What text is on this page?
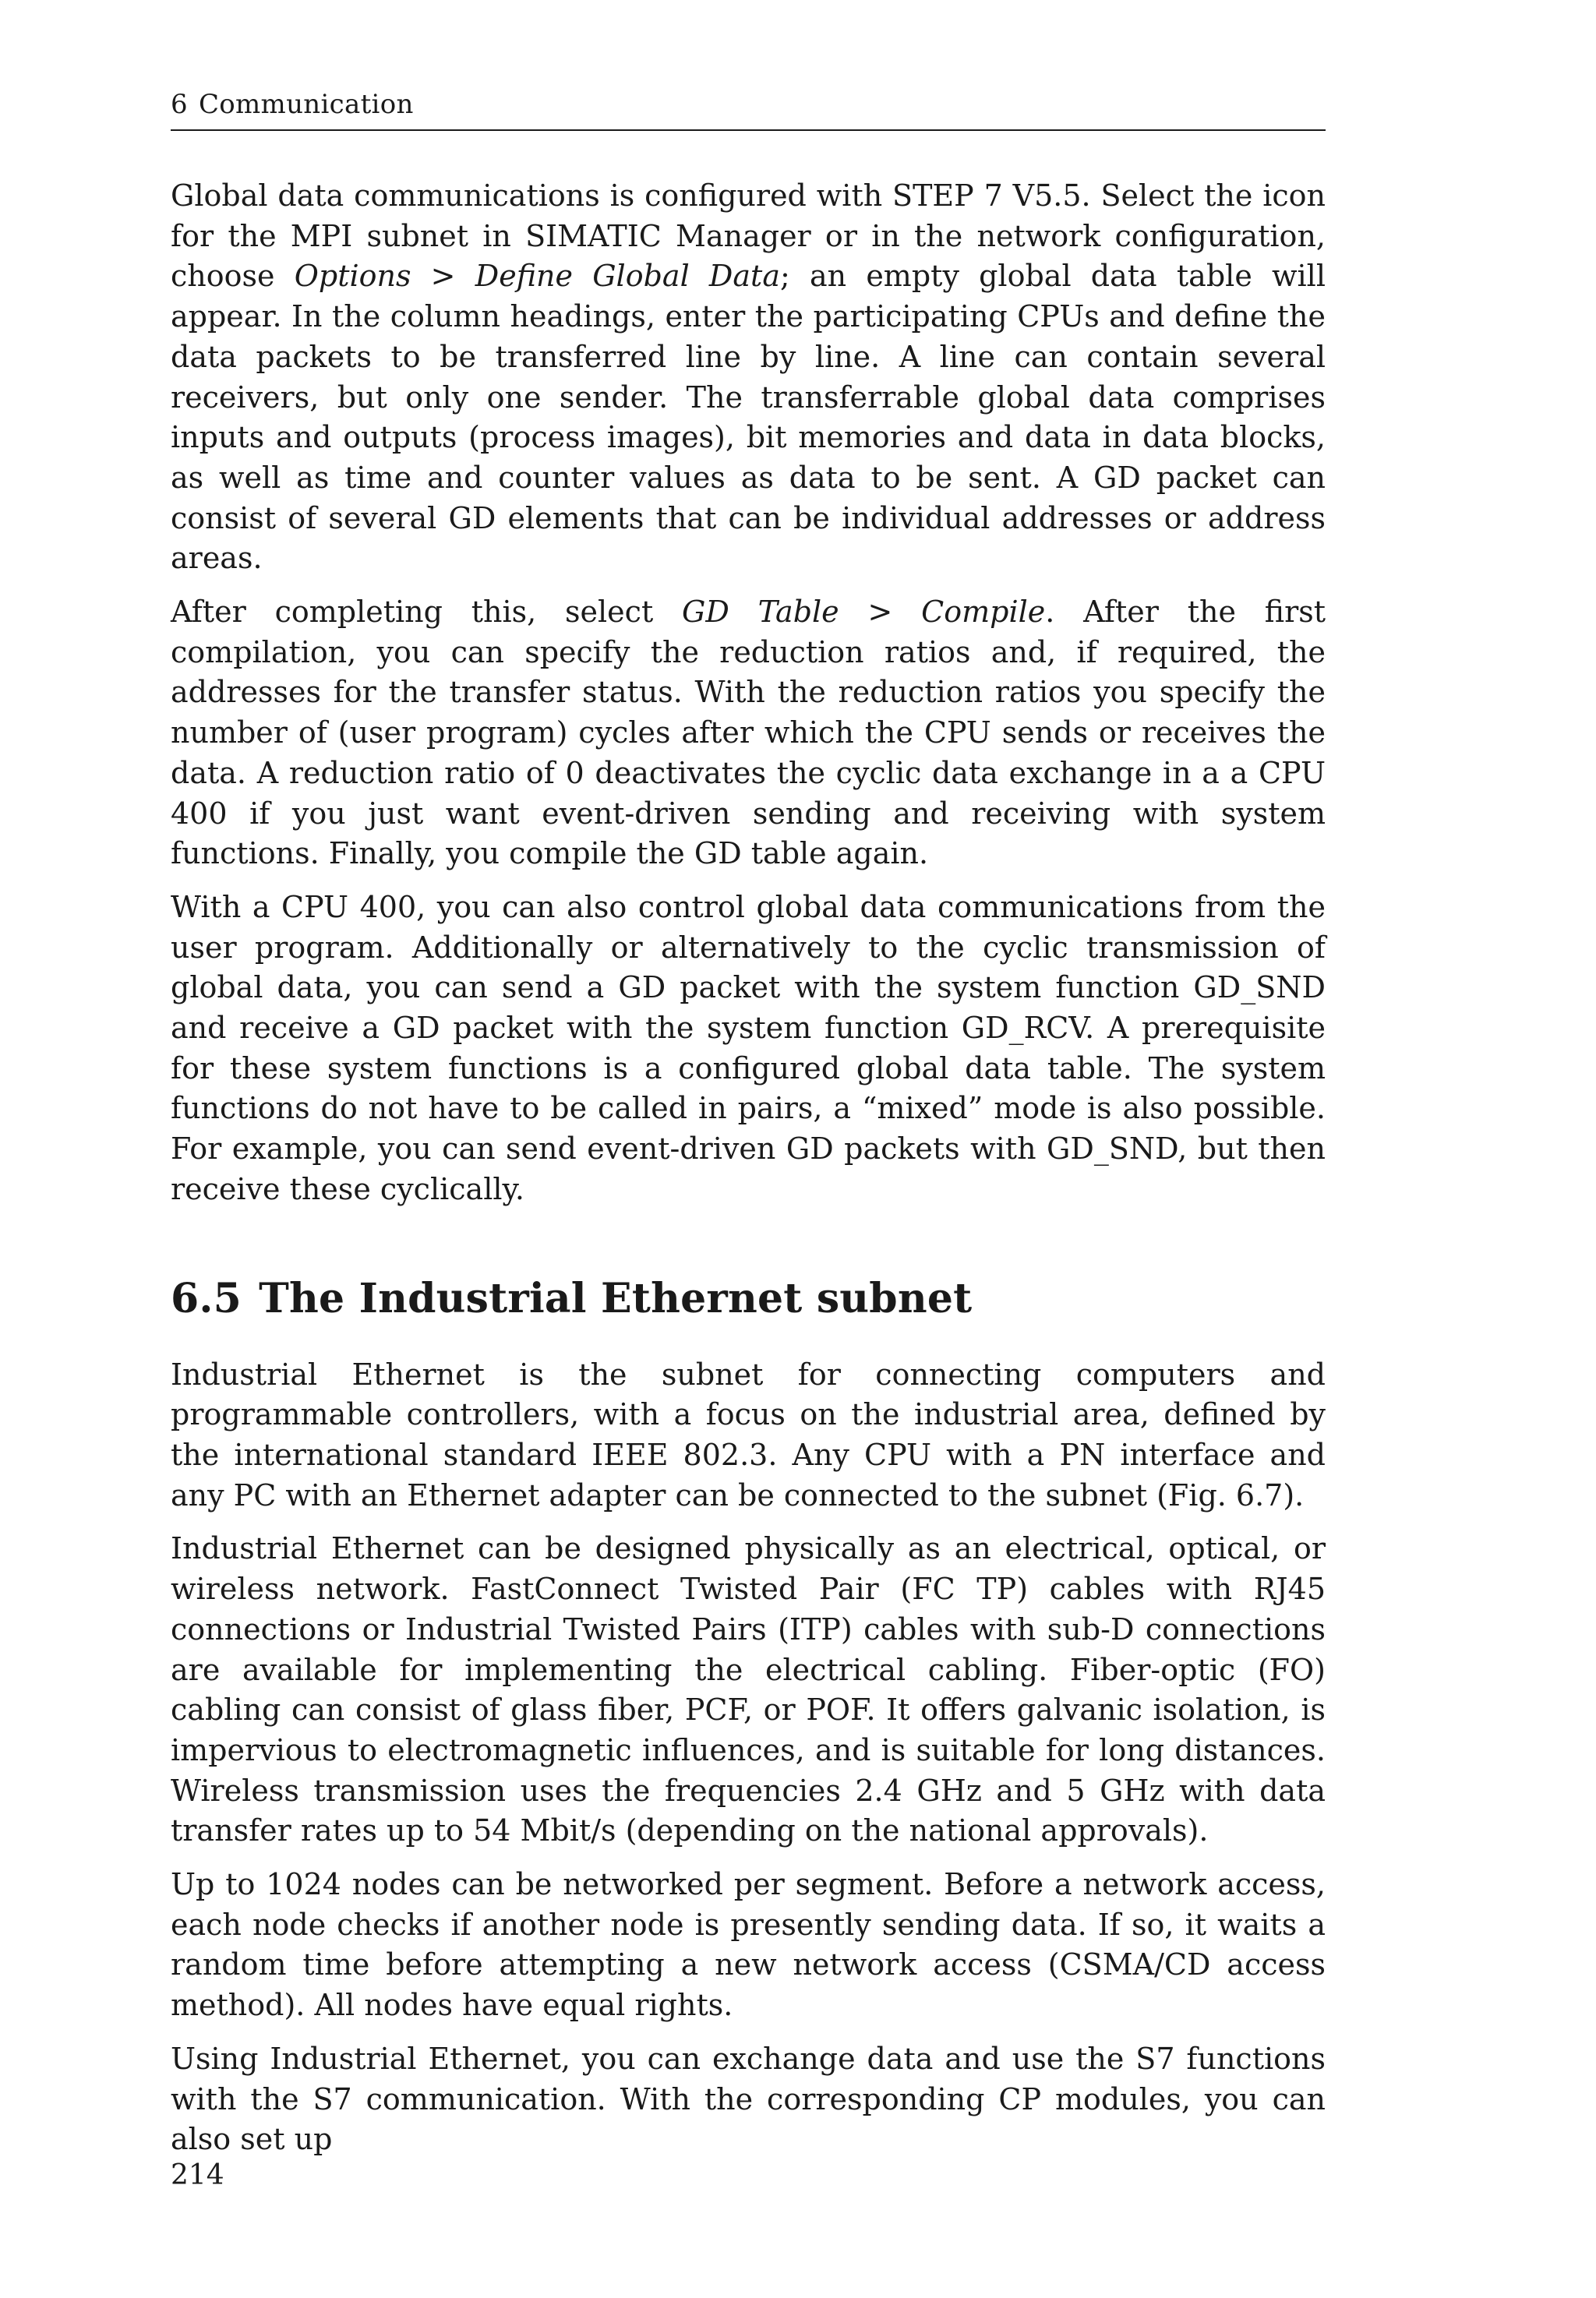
6 Communication

Global data communications is configured with STEP 7 V5.5. Select the icon for the MPI subnet in SIMATIC Manager or in the network configuration, choose Options > Define Global Data; an empty global data table will appear. In the column headings, enter the participating CPUs and define the data packets to be transferred line by line. A line can contain several receivers, but only one sender. The transferrable global data comprises inputs and outputs (process images), bit memories and data in data blocks, as well as time and counter values as data to be sent. A GD packet can consist of several GD elements that can be individual addresses or address areas.

After completing this, select GD Table > Compile. After the first compilation, you can specify the reduction ratios and, if required, the addresses for the transfer status. With the reduction ratios you specify the number of (user program) cycles after which the CPU sends or receives the data. A reduction ratio of 0 deactivates the cyclic data exchange in a a CPU 400 if you just want event-driven sending and receiving with system functions. Finally, you compile the GD table again.

With a CPU 400, you can also control global data communications from the user program. Additionally or alternatively to the cyclic transmission of global data, you can send a GD packet with the system function GD_SND and receive a GD packet with the system function GD_RCV. A prerequisite for these system functions is a configured global data table. The system functions do not have to be called in pairs, a “mixed” mode is also possible. For example, you can send event-driven GD packets with GD_SND, but then receive these cyclically.

6.5 The Industrial Ethernet subnet

Industrial Ethernet is the subnet for connecting computers and programmable controllers, with a focus on the industrial area, defined by the international standard IEEE 802.3. Any CPU with a PN interface and any PC with an Ethernet adapter can be connected to the subnet (Fig. 6.7).

Industrial Ethernet can be designed physically as an electrical, optical, or wireless network. FastConnect Twisted Pair (FC TP) cables with RJ45 connections or Industrial Twisted Pairs (ITP) cables with sub-D connections are available for implementing the electrical cabling. Fiber-optic (FO) cabling can consist of glass fiber, PCF, or POF. It offers galvanic isolation, is impervious to electromagnetic influences, and is suitable for long distances. Wireless transmission uses the frequencies 2.4 GHz and 5 GHz with data transfer rates up to 54 Mbit/s (depending on the national approvals).

Up to 1024 nodes can be networked per segment. Before a network access, each node checks if another node is presently sending data. If so, it waits a random time before attempting a new network access (CSMA/CD access method). All nodes have equal rights.

Using Industrial Ethernet, you can exchange data and use the S7 functions with the S7 communication. With the corresponding CP modules, you can also set up

214
